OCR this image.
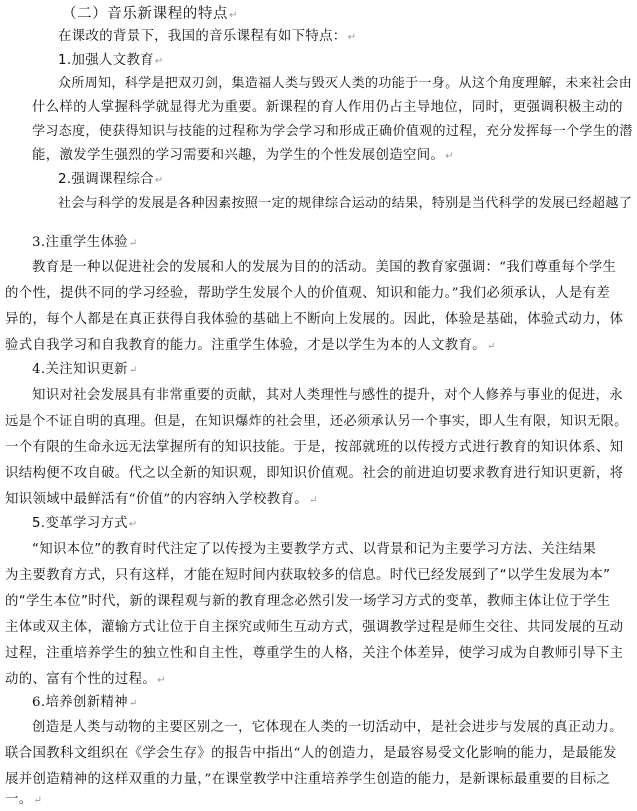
（二）音乐新课程的特点↵
在课改的背景下，我国的音乐课程有如下特点：↵
1.加强人文教育↵
众所周知，科学是把双刃剑，集造福人类与毁灭人类的功能于一身。从这个角度理解，未来社会由
什么样的人掌握科学就显得尤为重要。新课程的育人作用仍占主导地位，同时，更强调积极主动的
学习态度，使获得知识与技能的过程称为学会学习和形成正确价值观的过程，充分发挥每一个学生的潜
能，激发学生强烈的学习需要和兴趣，为学生的个性发展创造空间。↵
2.强调课程综合↵
社会与科学的发展是各种因素按照一定的规律综合运动的结果，特别是当代科学的发展已经超越了
3.注重学生体验↵
教育是一种以促进社会的发展和人的发展为目的的活动。美国的教育家强调：“我们尊重每个学生
的个性，提供不同的学习经验，帮助学生发展个人的价值观、知识和能力。”我们必须承认，人是有差
异的，每个人都是在真正获得自我体验的基础上不断向上发展的。因此，体验是基础，体验式动力，体
验式自我学习和自我教育的能力。注重学生体验，才是以学生为本的人文教育。↵
4.关注知识更新↵
知识对社会发展具有非常重要的贡献，其对人类理性与感性的提升，对个人修养与事业的促进，永
远是个不证自明的真理。但是，在知识爆炸的社会里，还必须承认另一个事实，即人生有限，知识无限。
一个有限的生命永远无法掌握所有的知识技能。于是，按部就班的以传授方式进行教育的知识体系、知
识结构便不攻自破。代之以全新的知识观，即知识价值观。社会的前进迫切要求教育进行知识更新，将
知识领域中最鲜活有“价值”的内容纳入学校教育。↵
5.变革学习方式↵
“知识本位”的教育时代注定了以传授为主要教学方式、以背景和记为主要学习方法、关注结果
为主要教育方式，只有这样，才能在短时间内获取较多的信息。时代已经发展到了“以学生发展为本”
的“学生本位”时代，新的课程观与新的教育理念必然引发一场学习方式的变革，教师主体让位于学生
主体或双主体，灌输方式让位于自主探究或师生互动方式，强调教学过程是师生交往、共同发展的互动
过程，注重培养学生的独立性和自主性，尊重学生的人格，关注个体差异，使学习成为自教师引导下主
动的、富有个性的过程。↵
6.培养创新精神↵
创造是人类与动物的主要区别之一，它体现在人类的一切活动中，是社会进步与发展的真正动力。
联合国教科文组织在《学会生存》的报告中指出“人的创造力，是最容易受文化影响的能力，是最能发
展并创造精神的这样双重的力量，”在课堂教学中注重培养学生创造的能力，是新课标最重要的目标之
一。↵
